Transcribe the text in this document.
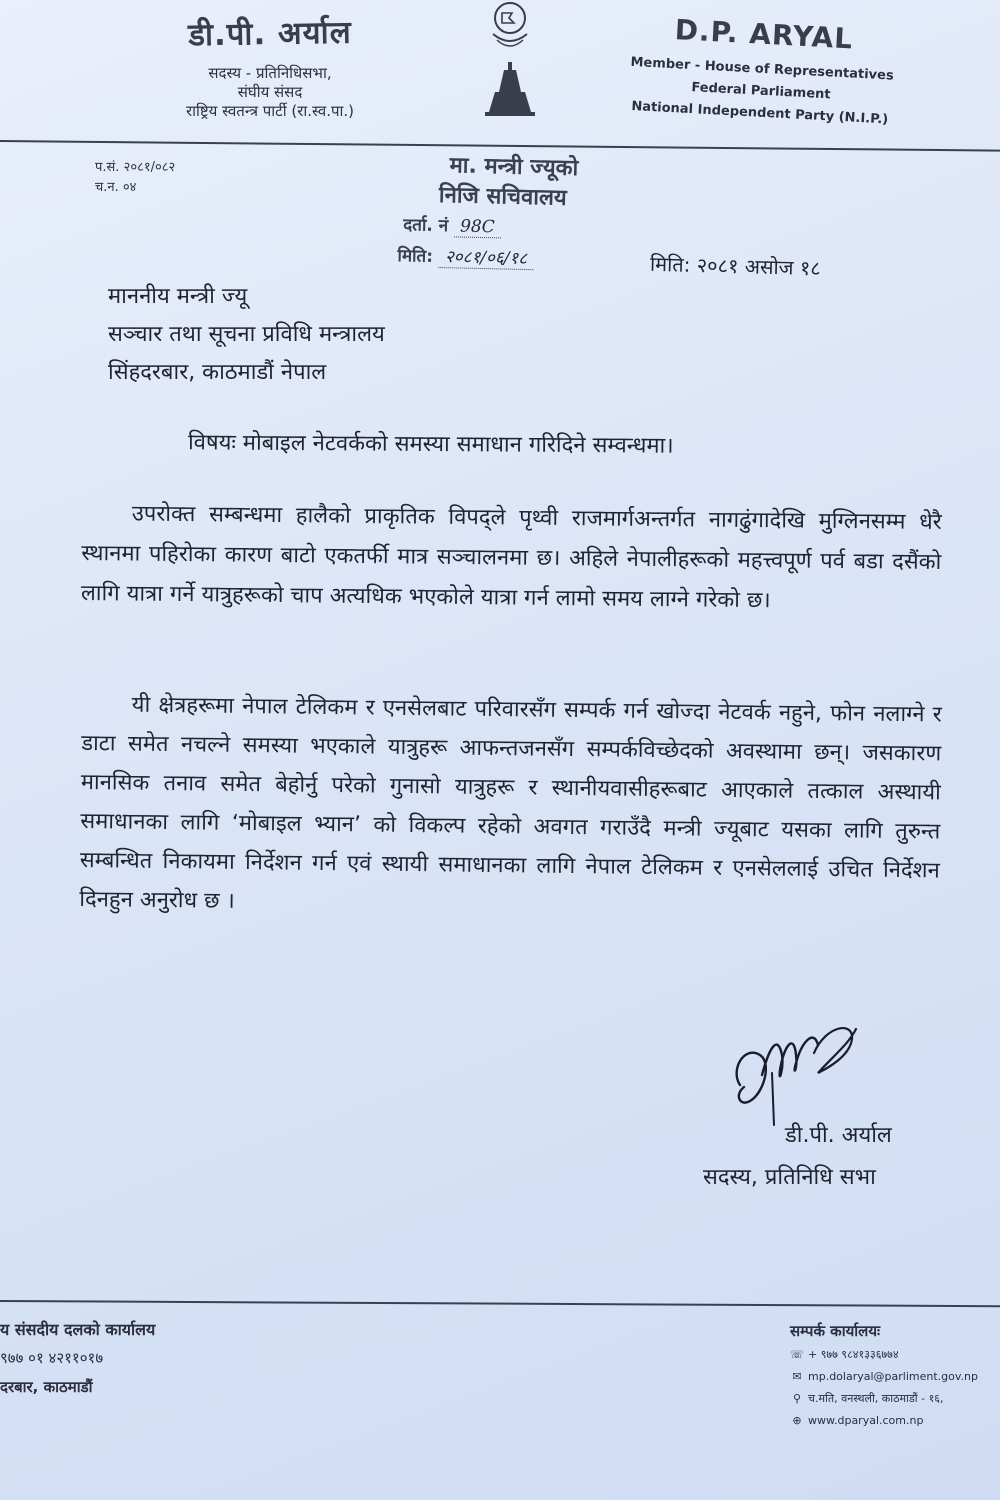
डी.पी. अर्याल
सदस्य - प्रतिनिधिसभा,
संघीय संसद
राष्ट्रिय स्वतन्त्र पार्टी (रा.स्व.पा.)
D.P. ARYAL
Member - House of Representatives
Federal Parliament
National Independent Party (N.I.P.)
प.सं. २०८१/०८२
च.न. ०४
मा. मन्त्री ज्यूको
निजि सचिवालय
दर्ता. नं 98C
मिति: २०८१/०६/१८	मिति: २०८१ असोज १८
माननीय मन्त्री ज्यू
सञ्चार तथा सूचना प्रविधि मन्त्रालय
सिंहदरबार, काठमाडौं नेपाल
विषयः मोबाइल नेटवर्कको समस्या समाधान गरिदिने सम्वन्धमा।
उपरोक्त सम्बन्धमा हालैको प्राकृतिक विपद्ले पृथ्वी राजमार्गअन्तर्गत नागढुंगादेखि मुग्लिनसम्म धेरै स्थानमा पहिरोका कारण बाटो एकतर्फी मात्र सञ्चालनमा छ। अहिले नेपालीहरूको महत्त्वपूर्ण पर्व बडा दसैंको लागि यात्रा गर्ने यात्रुहरूको चाप अत्यधिक भएकोले यात्रा गर्न लामो समय लाग्ने गरेको छ।
यी क्षेत्रहरूमा नेपाल टेलिकम र एनसेलबाट परिवारसँग सम्पर्क गर्न खोज्दा नेटवर्क नहुने, फोन नलाग्ने र डाटा समेत नचल्ने समस्या भएकाले यात्रुहरू आफन्तजनसँग सम्पर्कविच्छेदको अवस्थामा छन्। जसकारण मानसिक तनाव समेत बेहोर्नु परेको गुनासो यात्रुहरू र स्थानीयवासीहरूबाट आएकाले तत्काल अस्थायी समाधानका लागि ‘मोबाइल भ्यान’ को विकल्प रहेको अवगत गराउँदै मन्त्री ज्यूबाट यसका लागि तुरुन्त सम्बन्धित निकायमा निर्देशन गर्न एवं स्थायी समाधानका लागि नेपाल टेलिकम र एनसेललाई उचित निर्देशन दिनहुन अनुरोध छ ।
डी.पी. अर्याल
सदस्य, प्रतिनिधि सभा
य संसदीय दलको कार्यालय
९७७ ०१ ४२११०१७
दरबार, काठमाडौं
सम्पर्क कार्यालयः
☏ + ९७७ ९८४१३३६७७४
✉ mp.dolaryal@parliment.gov.np
⚲ च.मति, वनस्थली, काठमाडौं - १६,
⊕ www.dparyal.com.np
